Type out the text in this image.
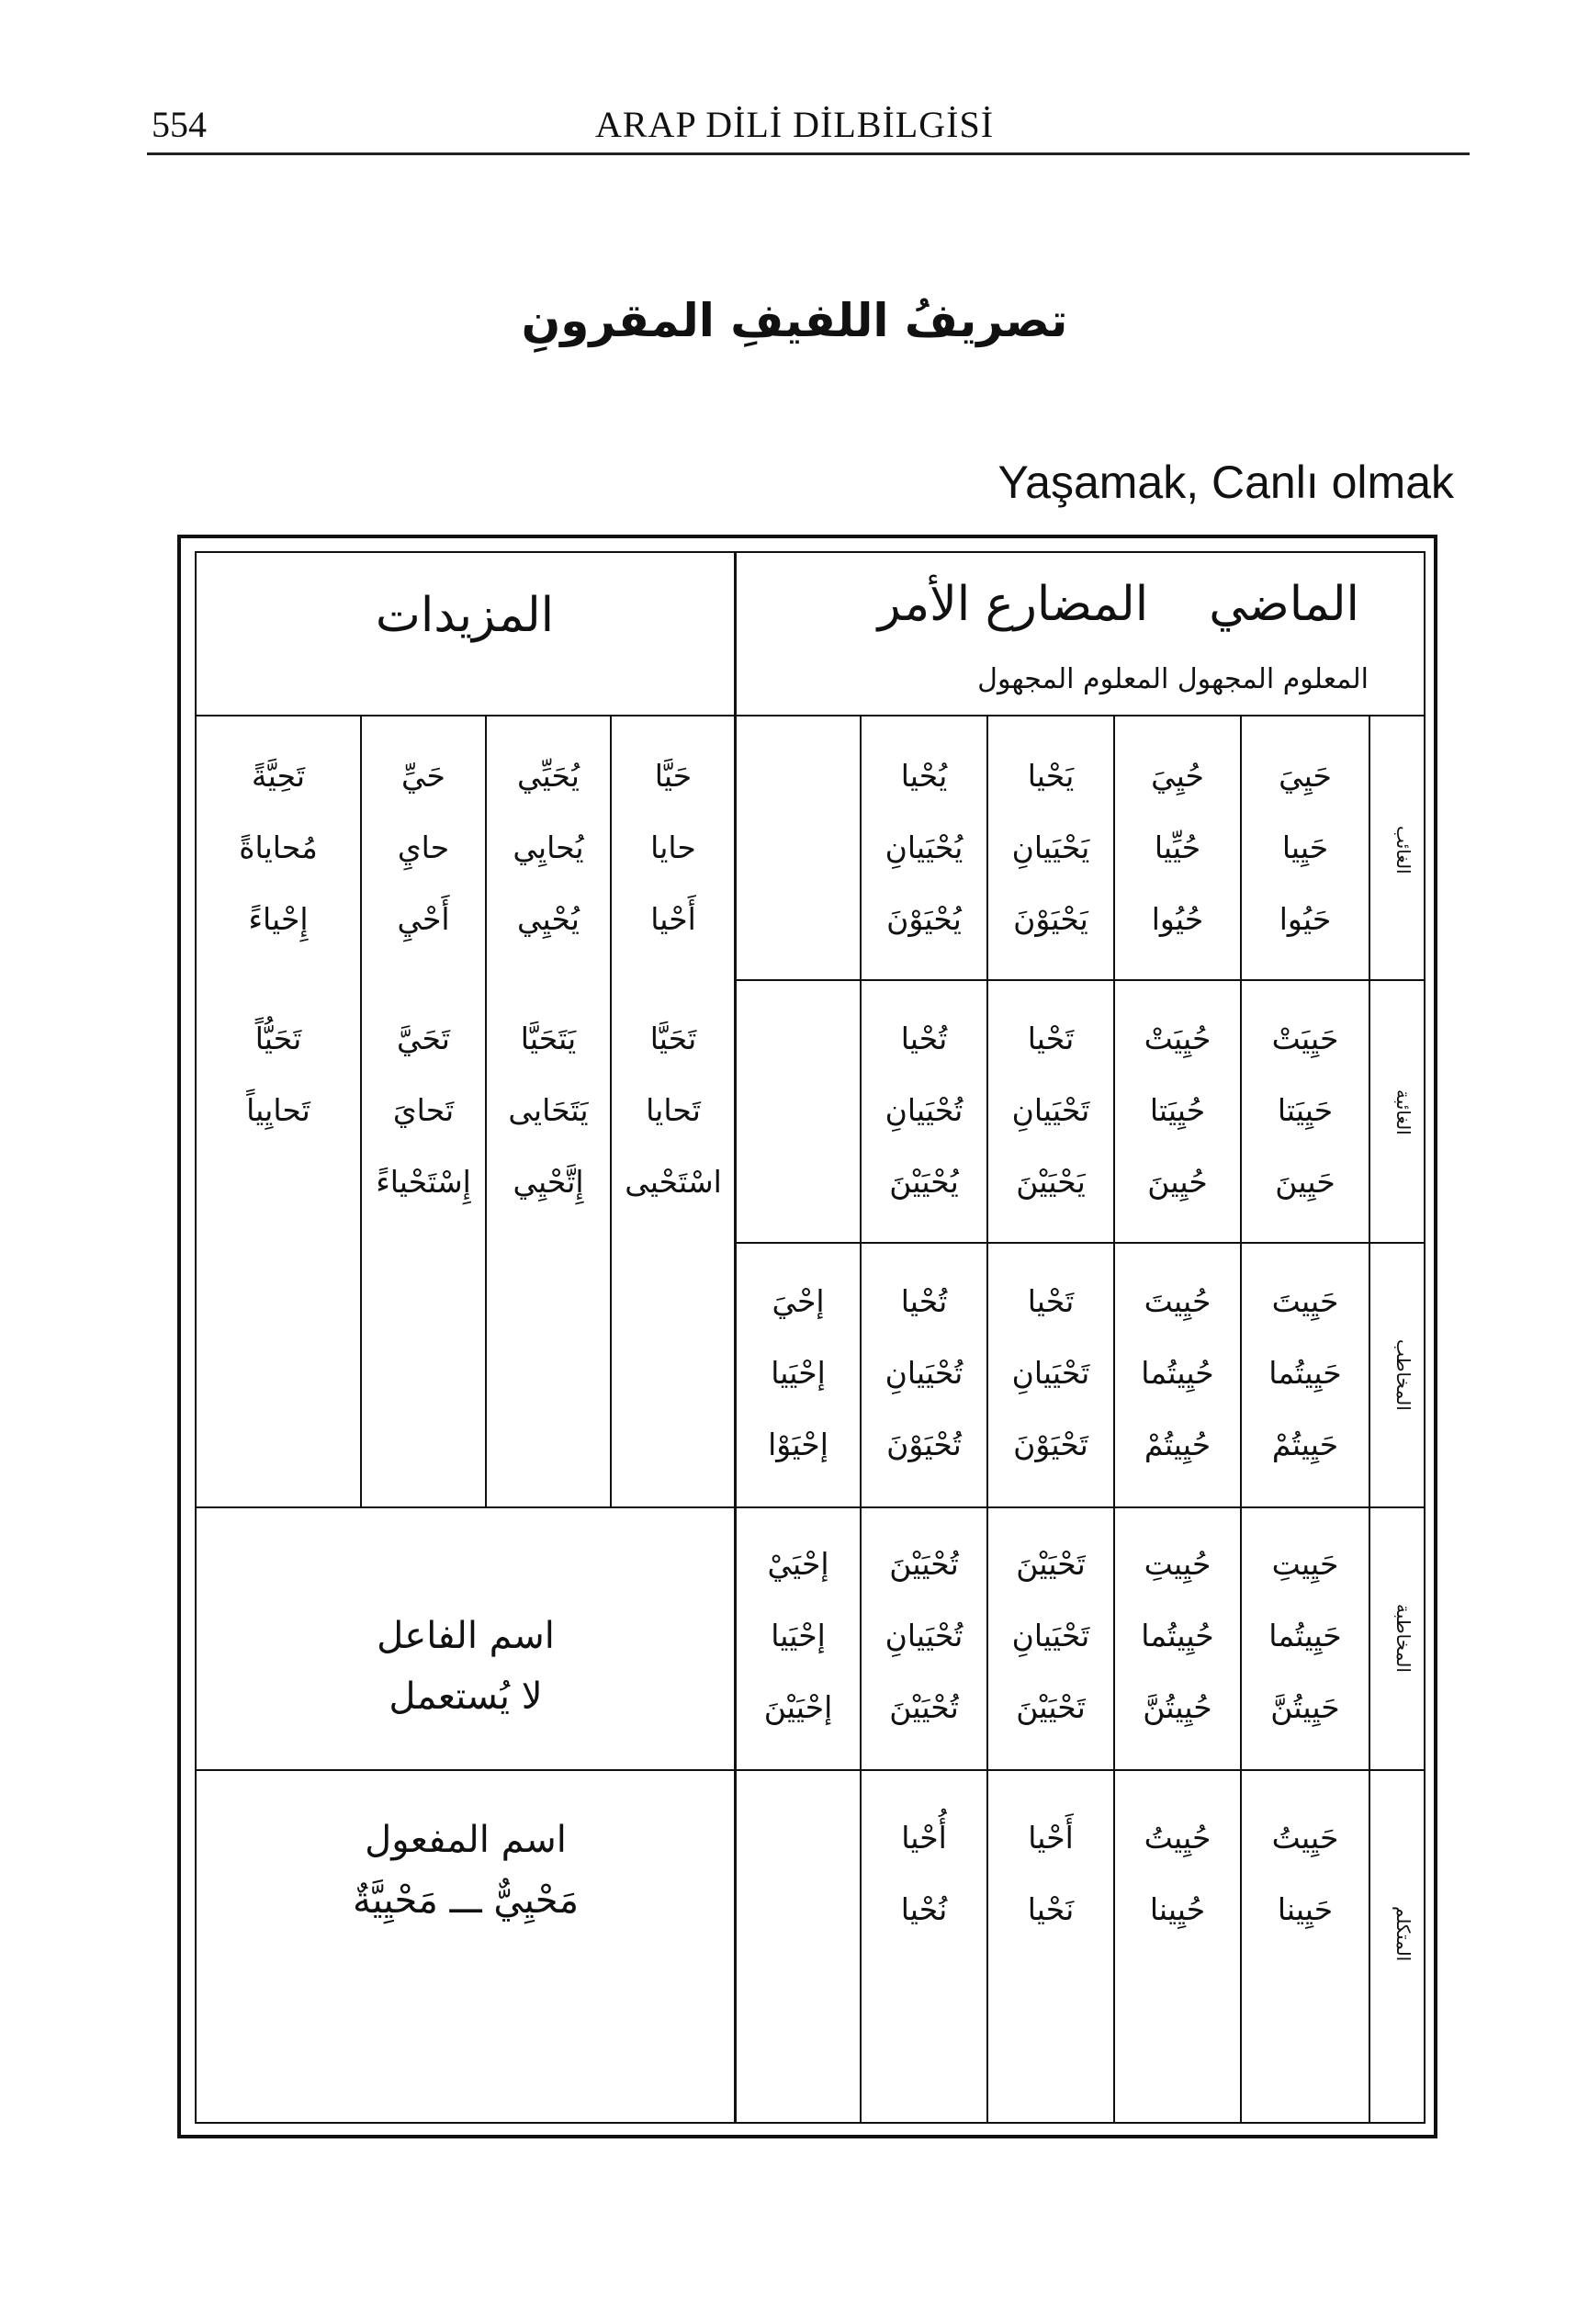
554	ARAP DİLİ DİLBİLGİSİ
تصريفُ اللفيفِ المقرونِ
Yaşamak, Canlı olmak
المزيدات	الماضي    المضارع الأمر
المعلوم المجهول المعلوم المجهول
الغائب
الغائبة
المخاطب
المخاطبة
المتكلم
حَيِيَ
حَيِيا
حَيُوا
حُيِيَ
حُيِّيا
حُيُوا
يَحْيا
يَحْيَيانِ
يَحْيَوْنَ
يُحْيا
يُحْيَيانِ
يُحْيَوْنَ
حَيِيَتْ
حَيِيَتا
حَيِينَ
حُيِيَتْ
حُيِيَتا
حُيِينَ
تَحْيا
تَحْيَيانِ
يَحْيَيْنَ
تُحْيا
تُحْيَيانِ
يُحْيَيْنَ
حَيِيتَ
حَيِيتُما
حَيِيتُمْ
حُيِيتَ
حُيِيتُما
حُيِيتُمْ
تَحْيا
تَحْيَيانِ
تَحْيَوْنَ
تُحْيا
تُحْيَيانِ
تُحْيَوْنَ
إحْيَ
إحْيَيا
إحْيَوْا
حَيِيتِ
حَيِيتُما
حَيِيتُنَّ
حُيِيتِ
حُيِيتُما
حُيِيتُنَّ
تَحْيَيْنَ
تَحْيَيانِ
تَحْيَيْنَ
تُحْيَيْنَ
تُحْيَيانِ
تُحْيَيْنَ
إحْيَيْ
إحْيَيا
إحْيَيْنَ
حَيِيتُ
حَيِينا
حُيِيتُ
حُيِينا
أَحْيا
نَحْيا
أُحْيا
نُحْيا
حَيَّا
حايا
أَحْيا
تَحَيَّا
تَحايا
اسْتَحْيى
يُحَيِّي
يُحايِي
يُحْيِي
يَتَحَيَّا
يَتَحَايى
إِتَّحْيِي
حَيِّ
حايِ
أَحْيِ
تَحَيَّ
تَحايَ
إِسْتَحْياءً
تَحِيَّةً
مُحاياةً
إِحْياءً
تَحَيُّاً
تَحايِياً
اسم الفاعل
لا يُستعمل
اسم المفعول
مَحْيِيٌّ ـــ مَحْيِيَّةٌ
